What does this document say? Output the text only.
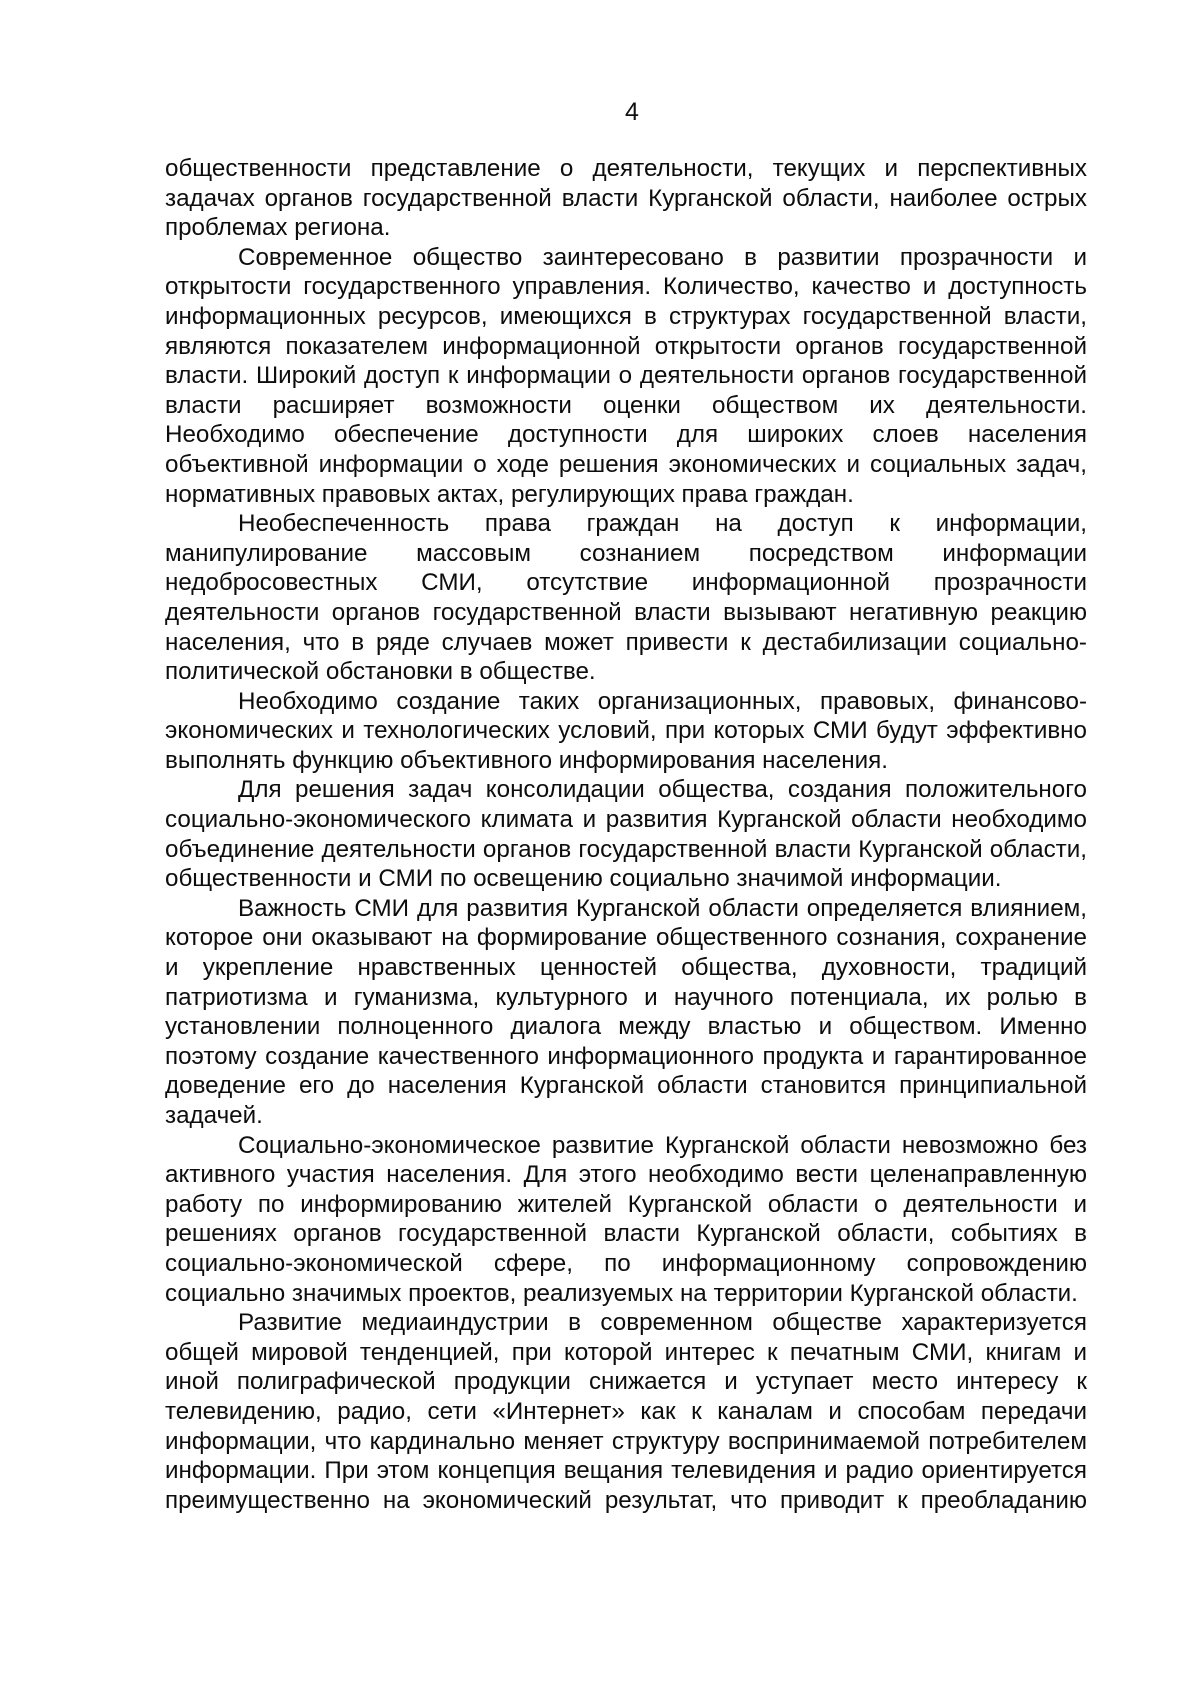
4

общественности представление о деятельности, текущих и перспективных задачах органов государственной власти Курганской области, наиболее острых проблемах региона.

Современное общество заинтересовано в развитии прозрачности и открытости государственного управления. Количество, качество и доступность информационных ресурсов, имеющихся в структурах государственной власти, являются показателем информационной открытости органов государственной власти. Широкий доступ к информации о деятельности органов государственной власти расширяет возможности оценки обществом их деятельности. Необходимо обеспечение доступности для широких слоев населения объективной информации о ходе решения экономических и социальных задач, нормативных правовых актах, регулирующих права граждан.

Необеспеченность права граждан на доступ к информации, манипулирование массовым сознанием посредством информации недобросовестных СМИ, отсутствие информационной прозрачности деятельности органов государственной власти вызывают негативную реакцию населения, что в ряде случаев может привести к дестабилизации социально-политической обстановки в обществе.

Необходимо создание таких организационных, правовых, финансово-экономических и технологических условий, при которых СМИ будут эффективно выполнять функцию объективного информирования населения.

Для решения задач консолидации общества, создания положительного социально-экономического климата и развития Курганской области необходимо объединение деятельности органов государственной власти Курганской области, общественности и СМИ по освещению социально значимой информации.

Важность СМИ для развития Курганской области определяется влиянием, которое они оказывают на формирование общественного сознания, сохранение и укрепление нравственных ценностей общества, духовности, традиций патриотизма и гуманизма, культурного и научного потенциала, их ролью в установлении полноценного диалога между властью и обществом. Именно поэтому создание качественного информационного продукта и гарантированное доведение его до населения Курганской области становится принципиальной задачей.

Социально-экономическое развитие Курганской области невозможно без активного участия населения. Для этого необходимо вести целенаправленную работу по информированию жителей Курганской области о деятельности и решениях органов государственной власти Курганской области, событиях в социально-экономической сфере, по информационному сопровождению социально значимых проектов, реализуемых на территории Курганской области.

Развитие медиаиндустрии в современном обществе характеризуется общей мировой тенденцией, при которой интерес к печатным СМИ, книгам и иной полиграфической продукции снижается и уступает место интересу к телевидению, радио, сети «Интернет» как к каналам и способам передачи информации, что кардинально меняет структуру воспринимаемой потребителем информации. При этом концепция вещания телевидения и радио ориентируется преимущественно на экономический результат, что приводит к преобладанию
